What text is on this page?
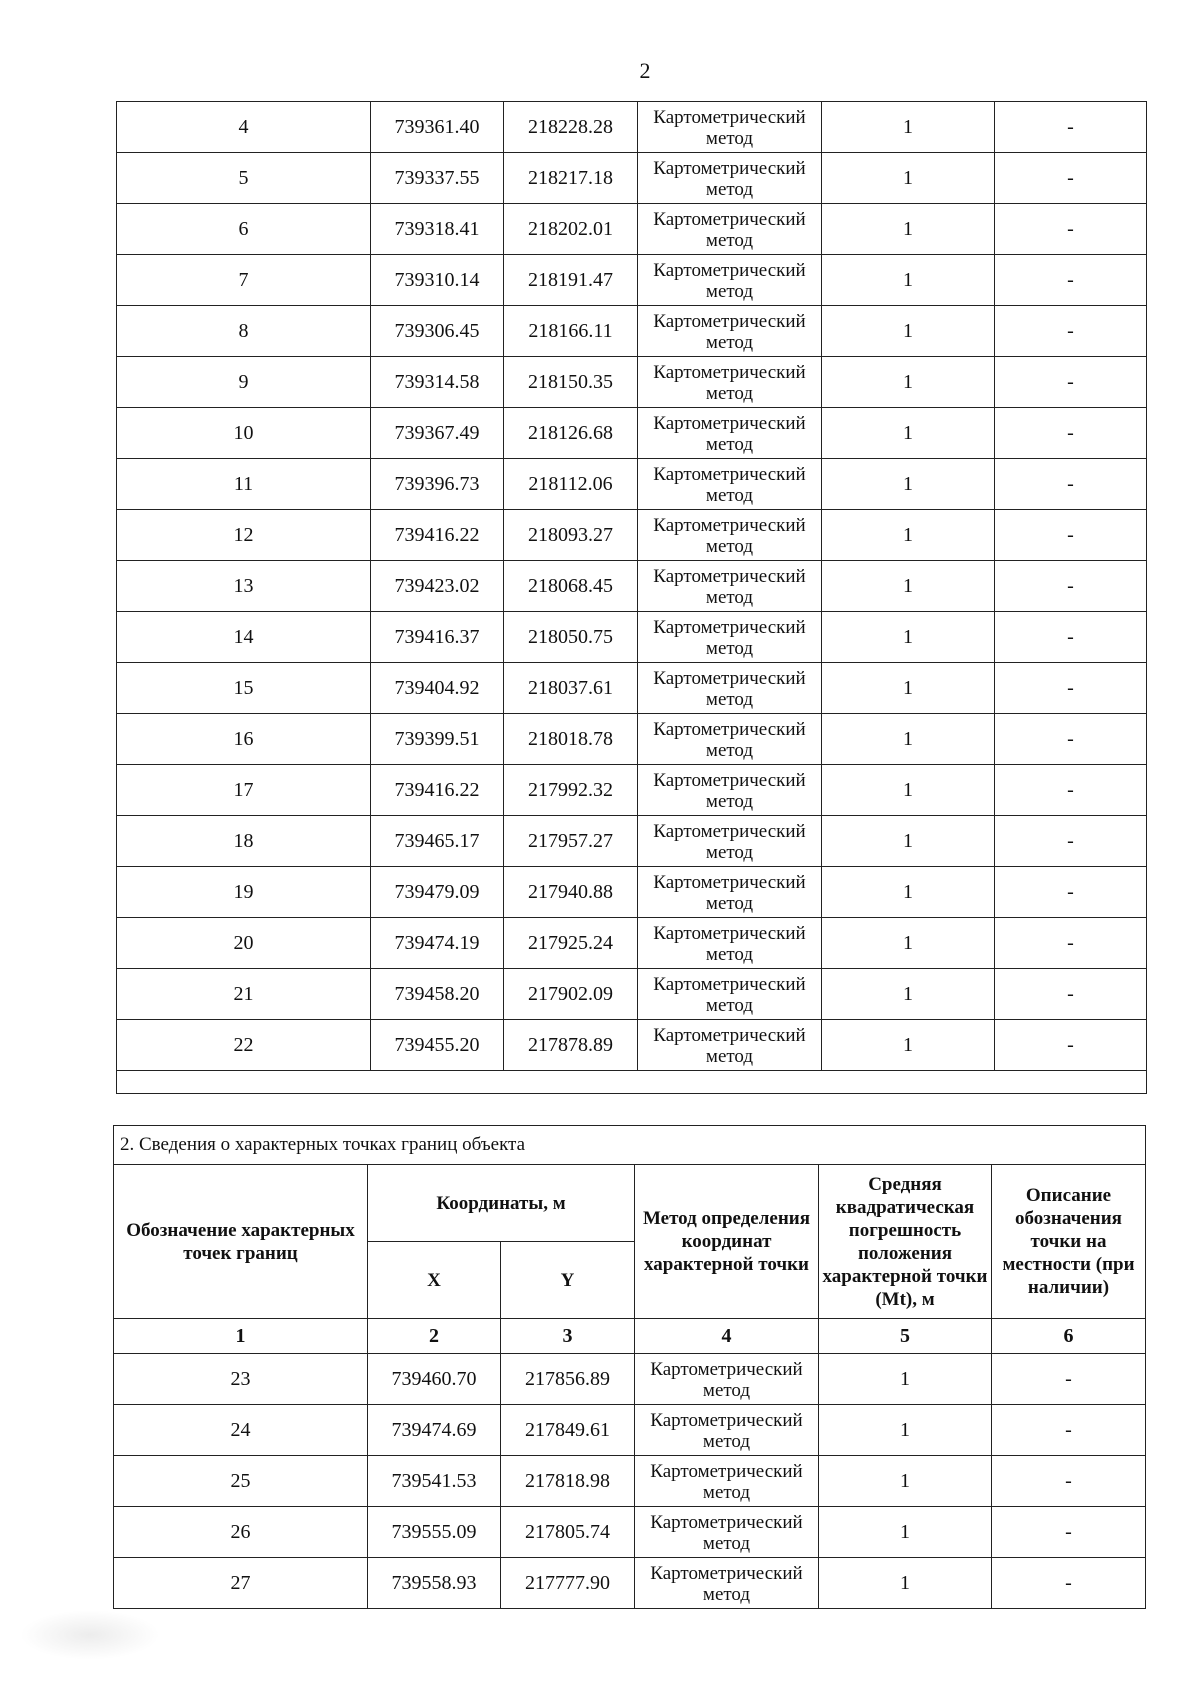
2
4	739361.40	218228.28	Картометрический метод	1	-
5	739337.55	218217.18	Картометрический метод	1	-
6	739318.41	218202.01	Картометрический метод	1	-
7	739310.14	218191.47	Картометрический метод	1	-
8	739306.45	218166.11	Картометрический метод	1	-
9	739314.58	218150.35	Картометрический метод	1	-
10	739367.49	218126.68	Картометрический метод	1	-
11	739396.73	218112.06	Картометрический метод	1	-
12	739416.22	218093.27	Картометрический метод	1	-
13	739423.02	218068.45	Картометрический метод	1	-
14	739416.37	218050.75	Картометрический метод	1	-
15	739404.92	218037.61	Картометрический метод	1	-
16	739399.51	218018.78	Картометрический метод	1	-
17	739416.22	217992.32	Картометрический метод	1	-
18	739465.17	217957.27	Картометрический метод	1	-
19	739479.09	217940.88	Картометрический метод	1	-
20	739474.19	217925.24	Картометрический метод	1	-
21	739458.20	217902.09	Картометрический метод	1	-
22	739455.20	217878.89	Картометрический метод	1	-

2. Сведения о характерных точках границ объекта					
Обозначение характерных точек границ	Координаты, м		Метод определения координат характерной точки	Средняя квадратическая погрешность положения характерной точки (Mt), м	Описание обозначения точки на местности (при наличии)
	X	Y			
1	2	3	4	5	6
23	739460.70	217856.89	Картометрический метод	1	-
24	739474.69	217849.61	Картометрический метод	1	-
25	739541.53	217818.98	Картометрический метод	1	-
26	739555.09	217805.74	Картометрический метод	1	-
27	739558.93	217777.90	Картометрический метод	1	-
